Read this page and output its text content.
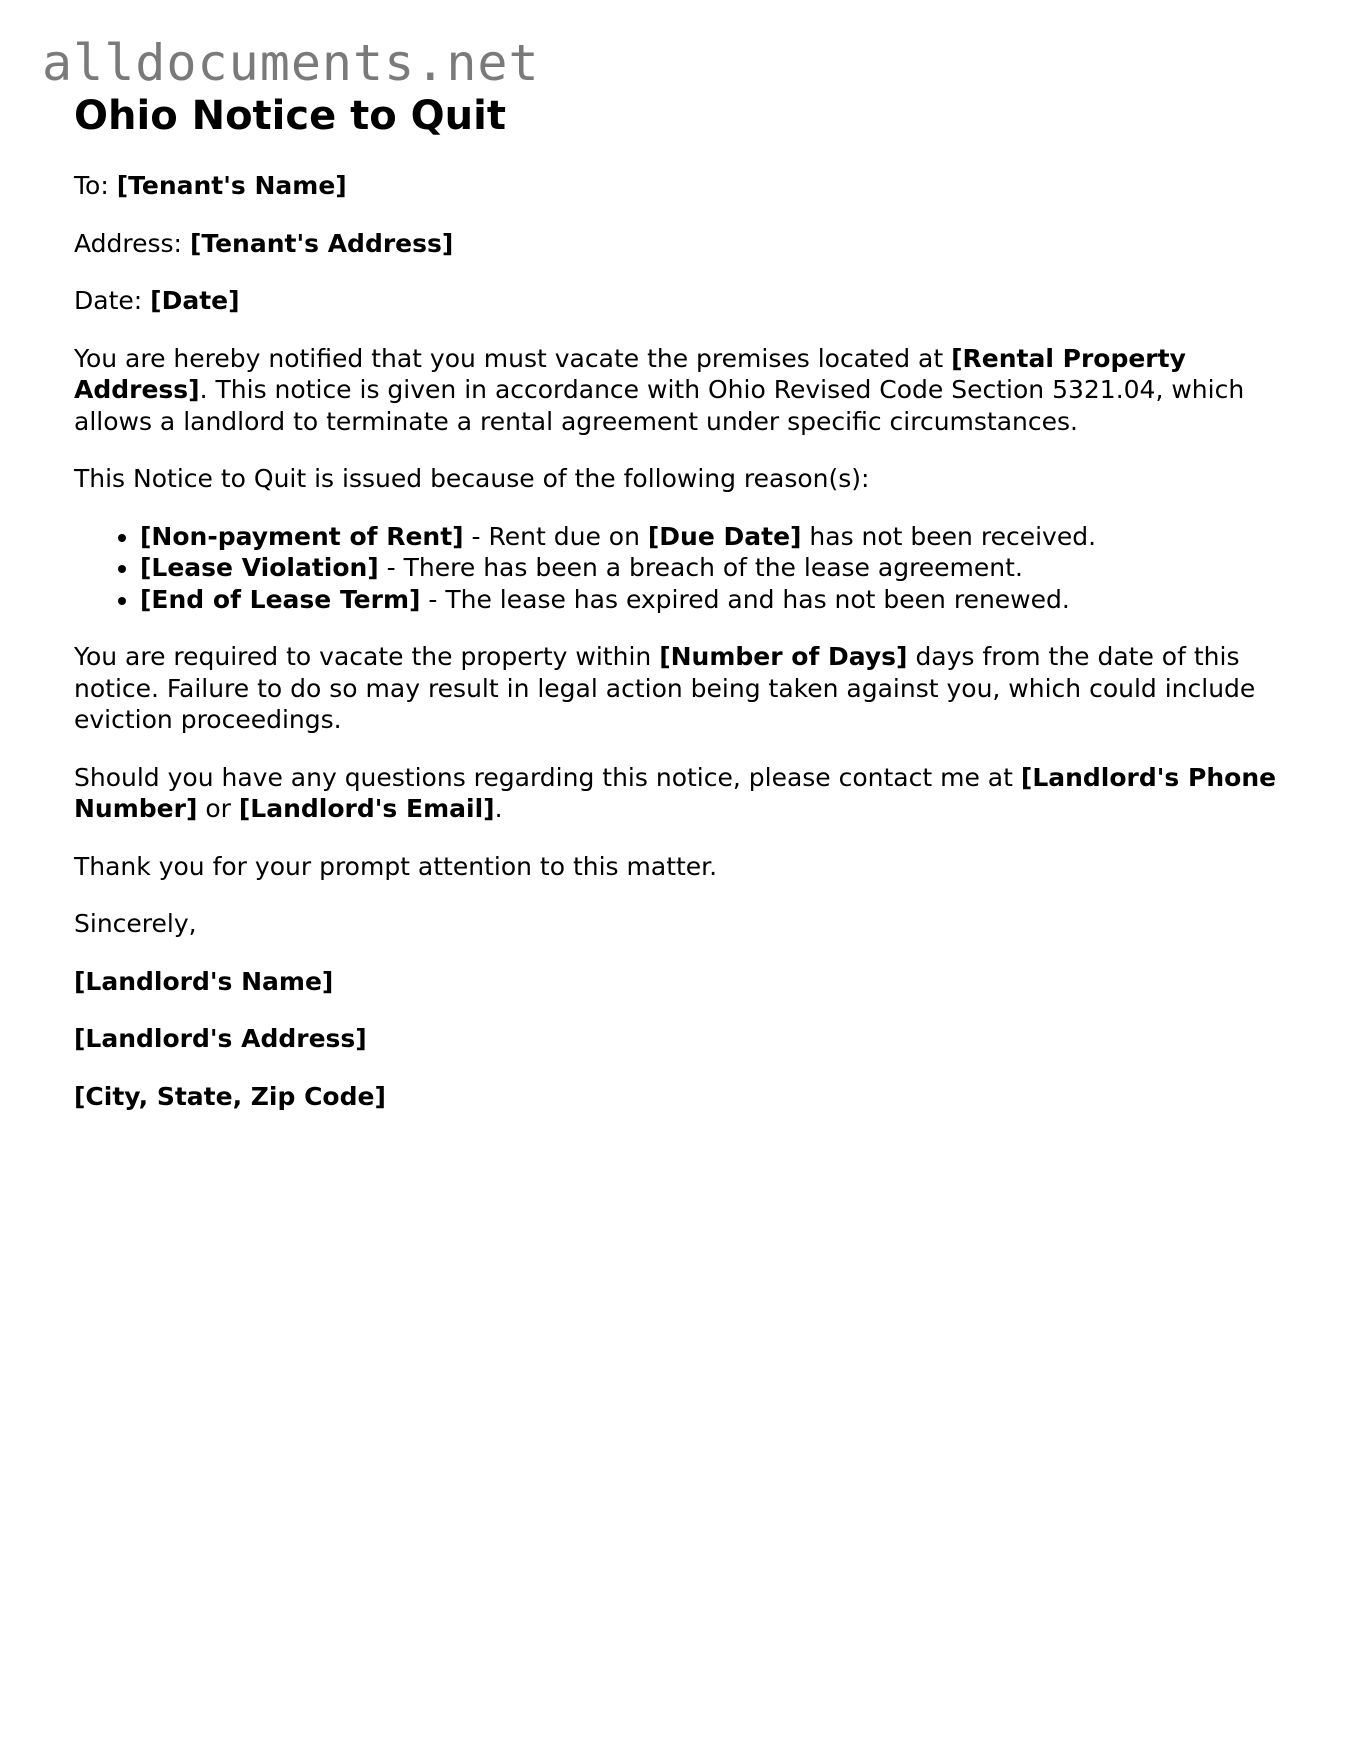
alldocuments.net
Ohio Notice to Quit

To: [Tenant's Name]

Address: [Tenant's Address]

Date: [Date]

You are hereby notified that you must vacate the premises located at [Rental Property Address]. This notice is given in accordance with Ohio Revised Code Section 5321.04, which allows a landlord to terminate a rental agreement under specific circumstances.

This Notice to Quit is issued because of the following reason(s):

• [Non-payment of Rent] - Rent due on [Due Date] has not been received.
• [Lease Violation] - There has been a breach of the lease agreement.
• [End of Lease Term] - The lease has expired and has not been renewed.

You are required to vacate the property within [Number of Days] days from the date of this notice. Failure to do so may result in legal action being taken against you, which could include eviction proceedings.

Should you have any questions regarding this notice, please contact me at [Landlord's Phone Number] or [Landlord's Email].

Thank you for your prompt attention to this matter.

Sincerely,

[Landlord's Name]

[Landlord's Address]

[City, State, Zip Code]
